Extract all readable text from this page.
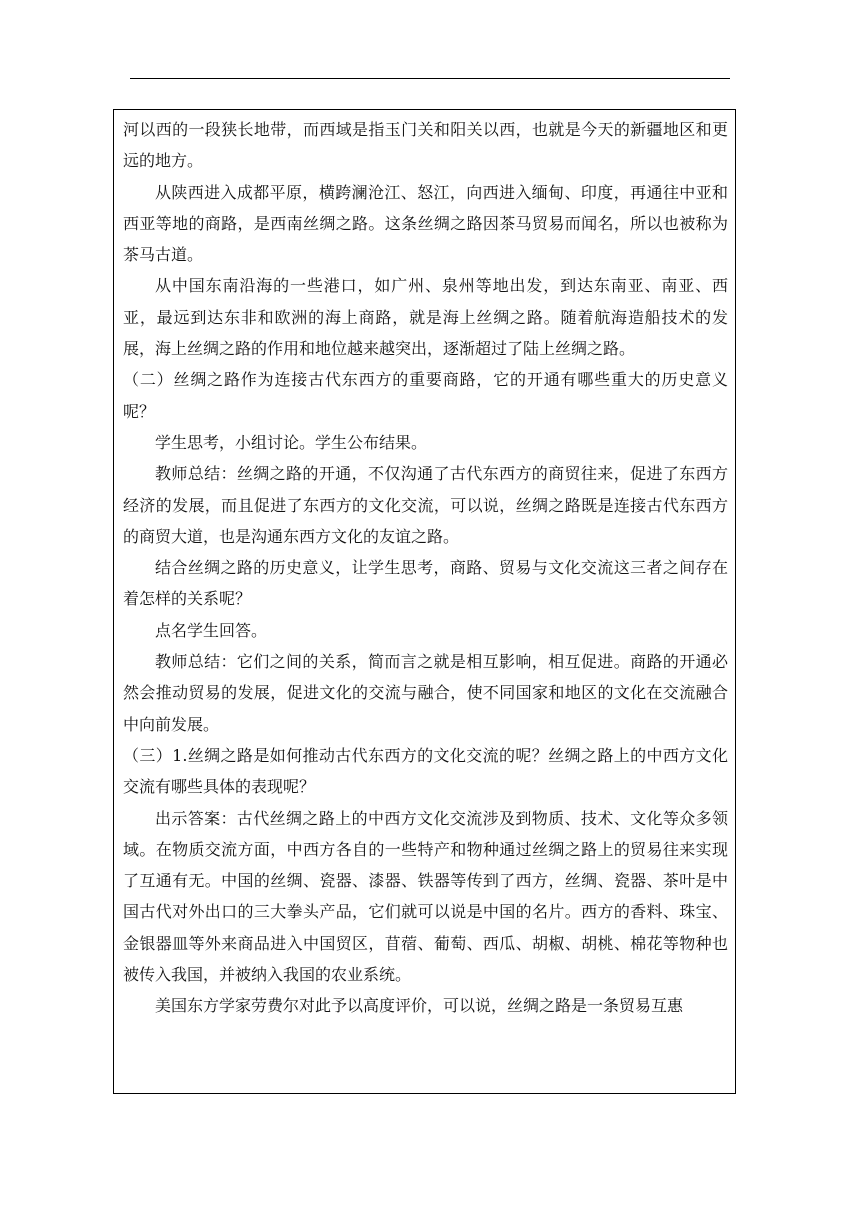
河以西的一段狭长地带，而西域是指玉门关和阳关以西，也就是今天的新疆地区和更远的地方。

从陕西进入成都平原，横跨澜沧江、怒江，向西进入缅甸、印度，再通往中亚和西亚等地的商路，是西南丝绸之路。这条丝绸之路因茶马贸易而闻名，所以也被称为茶马古道。

从中国东南沿海的一些港口，如广州、泉州等地出发，到达东南亚、南亚、西亚，最远到达东非和欧洲的海上商路，就是海上丝绸之路。随着航海造船技术的发展，海上丝绸之路的作用和地位越来越突出，逐渐超过了陆上丝绸之路。

（二）丝绸之路作为连接古代东西方的重要商路，它的开通有哪些重大的历史意义呢？

学生思考，小组讨论。学生公布结果。

教师总结：丝绸之路的开通，不仅沟通了古代东西方的商贸往来，促进了东西方经济的发展，而且促进了东西方的文化交流，可以说，丝绸之路既是连接古代东西方的商贸大道，也是沟通东西方文化的友谊之路。

结合丝绸之路的历史意义，让学生思考，商路、贸易与文化交流这三者之间存在着怎样的关系呢？

点名学生回答。

教师总结：它们之间的关系，简而言之就是相互影响，相互促进。商路的开通必然会推动贸易的发展，促进文化的交流与融合，使不同国家和地区的文化在交流融合中向前发展。

（三）1.丝绸之路是如何推动古代东西方的文化交流的呢？丝绸之路上的中西方文化交流有哪些具体的表现呢？

出示答案：古代丝绸之路上的中西方文化交流涉及到物质、技术、文化等众多领域。在物质交流方面，中西方各自的一些特产和物种通过丝绸之路上的贸易往来实现了互通有无。中国的丝绸、瓷器、漆器、铁器等传到了西方，丝绸、瓷器、茶叶是中国古代对外出口的三大拳头产品，它们就可以说是中国的名片。西方的香料、珠宝、金银器皿等外来商品进入中国贸区，苜蓿、葡萄、西瓜、胡椒、胡桃、棉花等物种也被传入我国，并被纳入我国的农业系统。

美国东方学家劳费尔对此予以高度评价，可以说，丝绸之路是一条贸易互惠
